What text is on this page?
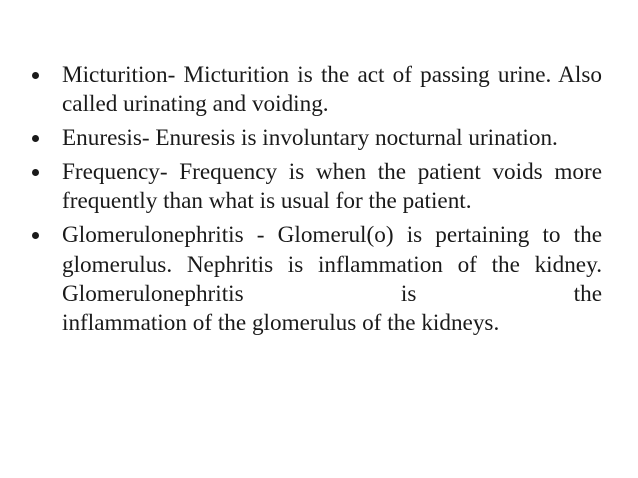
Micturition- Micturition is the act of passing urine. Also called urinating and voiding.
Enuresis- Enuresis is involuntary nocturnal urination.
Frequency- Frequency is when the patient voids more frequently than what is usual for the patient.
Glomerulonephritis - Glomerul(o) is pertaining to the glomerulus. Nephritis is inflammation of the kidney. Glomerulonephritis is the
inflammation of the glomerulus of the kidneys.
